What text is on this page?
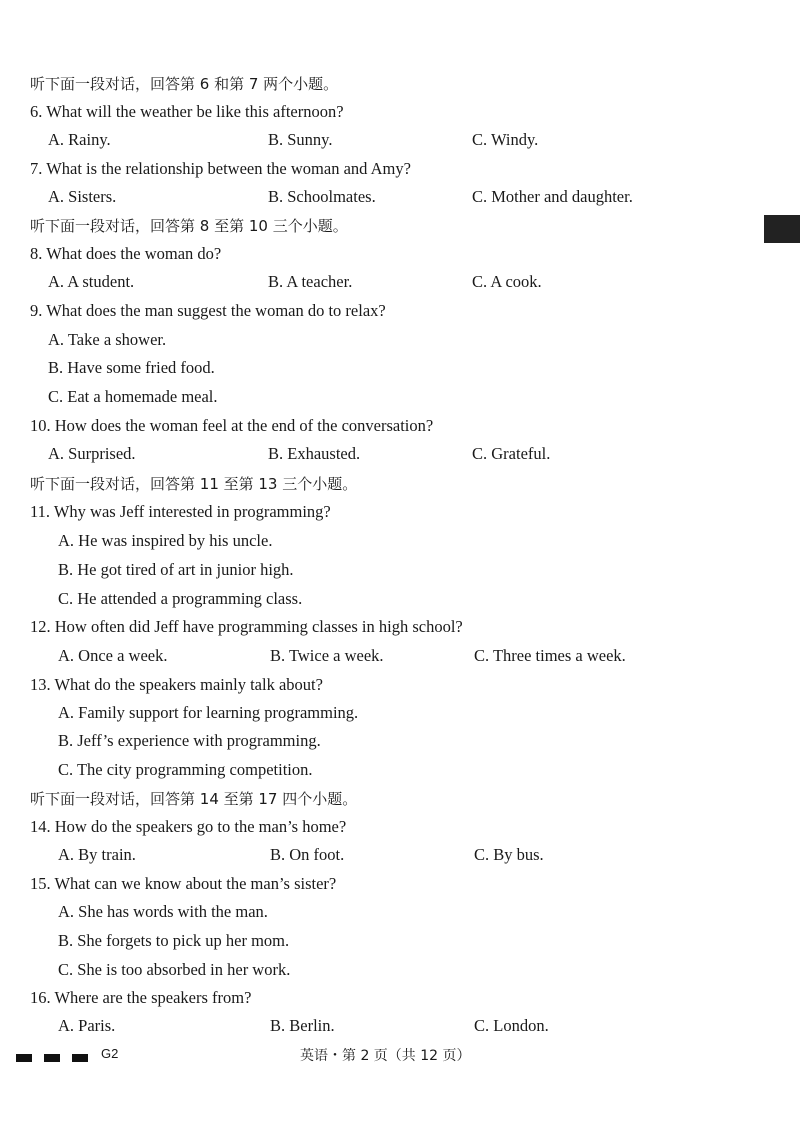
听下面一段对话，回答第 6 和第 7 两个小题。
6. What will the weather be like this afternoon?
A. Rainy.	B. Sunny.	C. Windy.
7. What is the relationship between the woman and Amy?
A. Sisters.	B. Schoolmates.	C. Mother and daughter.
听下面一段对话，回答第 8 至第 10 三个小题。
8. What does the woman do?
A. A student.	B. A teacher.	C. A cook.
9. What does the man suggest the woman do to relax?
A. Take a shower.
B. Have some fried food.
C. Eat a homemade meal.
10. How does the woman feel at the end of the conversation?
A. Surprised.	B. Exhausted.	C. Grateful.
听下面一段对话，回答第 11 至第 13 三个小题。
11. Why was Jeff interested in programming?
A. He was inspired by his uncle.
B. He got tired of art in junior high.
C. He attended a programming class.
12. How often did Jeff have programming classes in high school?
A. Once a week.	B. Twice a week.	C. Three times a week.
13. What do the speakers mainly talk about?
A. Family support for learning programming.
B. Jeff’s experience with programming.
C. The city programming competition.
听下面一段对话，回答第 14 至第 17 四个小题。
14. How do the speakers go to the man’s home?
A. By train.	B. On foot.	C. By bus.
15. What can we know about the man’s sister?
A. She has words with the man.
B. She forgets to pick up her mom.
C. She is too absorbed in her work.
16. Where are the speakers from?
A. Paris.	B. Berlin.	C. London.
G2	英语・第 2 页（共 12 页）
